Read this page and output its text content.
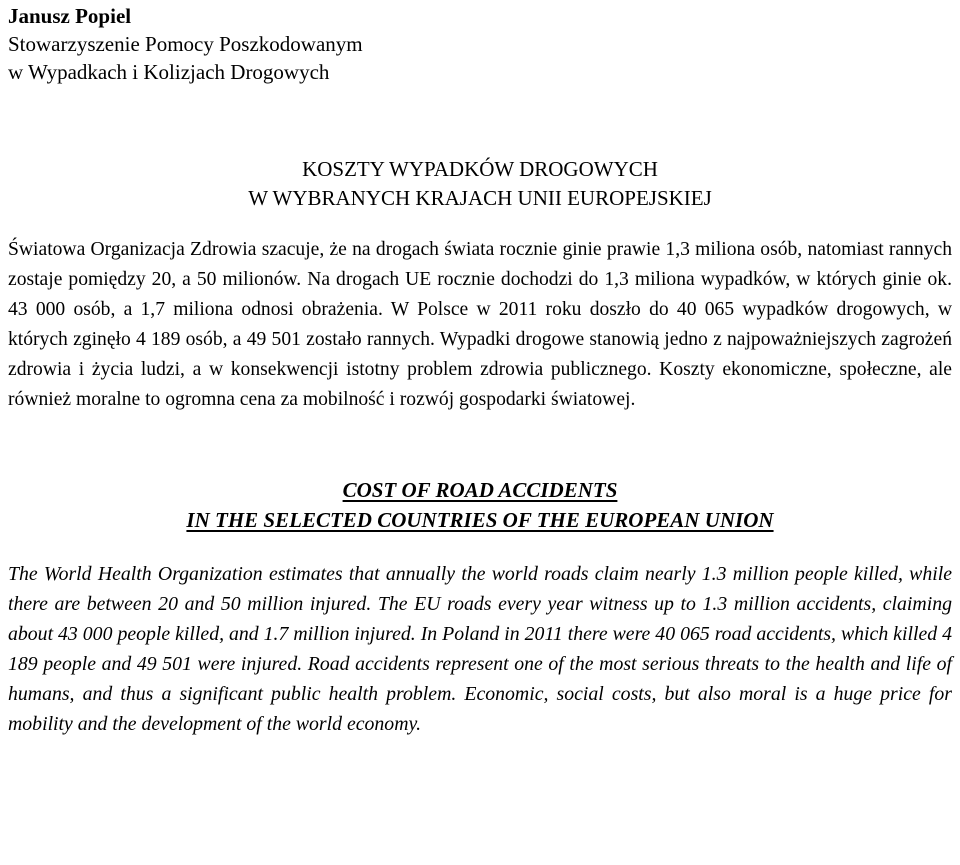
Janusz Popiel
Stowarzyszenie Pomocy Poszkodowanym
w Wypadkach i Kolizjach Drogowych
KOSZTY WYPADKÓW DROGOWYCH
W WYBRANYCH KRAJACH UNII EUROPEJSKIEJ
Światowa Organizacja Zdrowia szacuje, że na drogach świata rocznie ginie prawie 1,3 miliona osób, natomiast rannych zostaje pomiędzy 20, a 50 milionów. Na drogach UE rocznie dochodzi do 1,3 miliona wypadków, w których ginie ok. 43 000 osób, a 1,7 miliona odnosi obrażenia. W Polsce w 2011 roku doszło do 40 065 wypadków drogowych, w których zginęło 4 189 osób, a 49 501 zostało rannych. Wypadki drogowe stanowią jedno z najpoważniejszych zagrożeń zdrowia i życia ludzi, a w konsekwencji istotny problem zdrowia publicznego. Koszty ekonomiczne, społeczne, ale również moralne to ogromna cena za mobilność i rozwój gospodarki światowej.
COST OF ROAD ACCIDENTS
IN THE SELECTED COUNTRIES OF THE EUROPEAN UNION
The World Health Organization estimates that annually the world roads claim nearly 1.3 million people killed, while there are between 20 and 50 million injured. The EU roads every year witness up to 1.3 million accidents, claiming about 43 000 people killed, and 1.7 million injured. In Poland in 2011 there were 40 065 road accidents, which killed 4 189 people and 49 501 were injured. Road accidents represent one of the most serious threats to the health and life of humans, and thus a significant public health problem. Economic, social costs, but also moral is a huge price for mobility and the development of the world economy.
